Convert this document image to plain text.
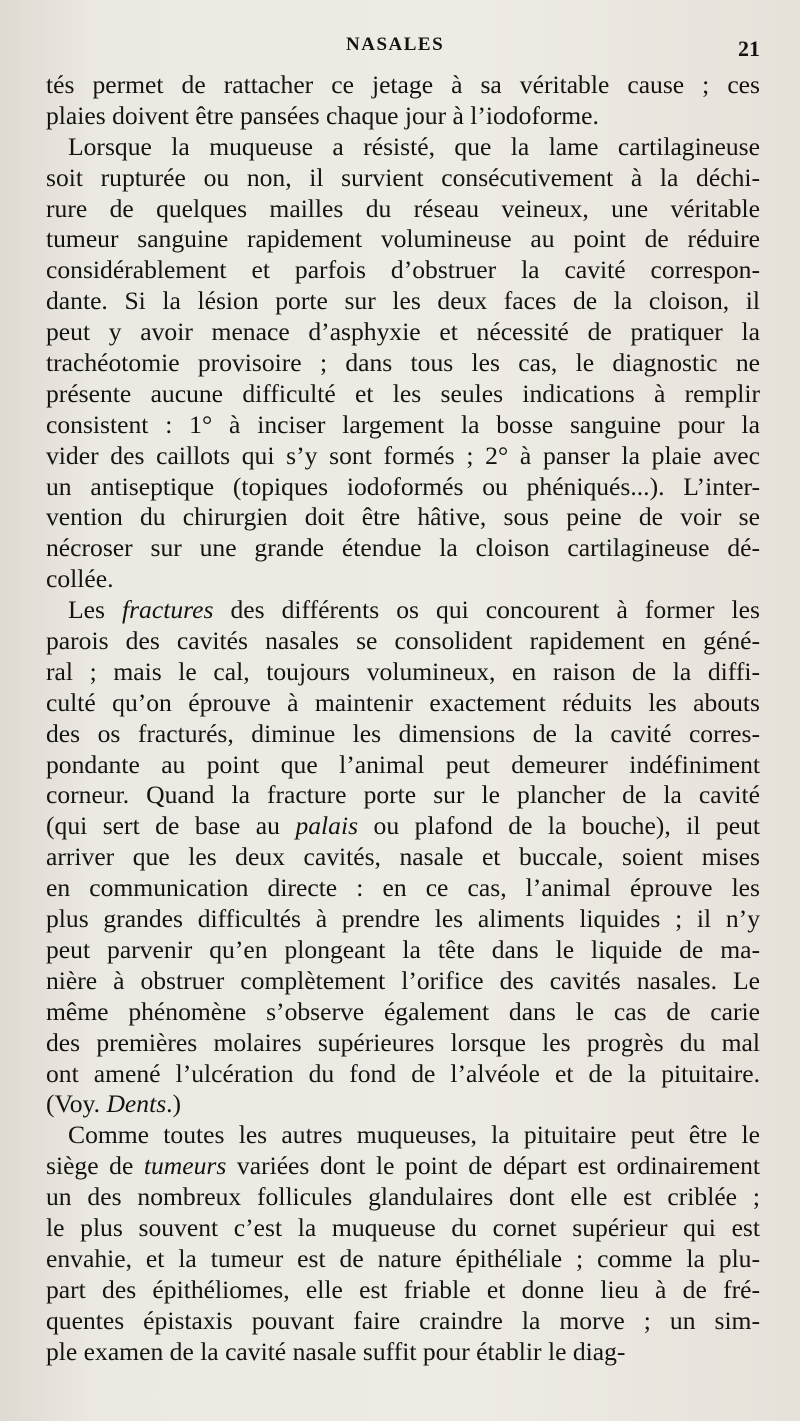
NASALES	21
tés permet de rattacher ce jetage à sa véritable cause ; ces
plaies doivent être pansées chaque jour à l’iodoforme.
Lorsque la muqueuse a résisté, que la lame cartilagineuse
soit rupturée ou non, il survient consécutivement à la déchi-
rure de quelques mailles du réseau veineux, une véritable
tumeur sanguine rapidement volumineuse au point de réduire
considérablement et parfois d’obstruer la cavité correspon-
dante. Si la lésion porte sur les deux faces de la cloison, il
peut y avoir menace d’asphyxie et nécessité de pratiquer la
trachéotomie provisoire ; dans tous les cas, le diagnostic ne
présente aucune difficulté et les seules indications à remplir
consistent : 1° à inciser largement la bosse sanguine pour la
vider des caillots qui s’y sont formés ; 2° à panser la plaie avec
un antiseptique (topiques iodoformés ou phéniqués...). L’inter-
vention du chirurgien doit être hâtive, sous peine de voir se
nécroser sur une grande étendue la cloison cartilagineuse dé-
collée.
Les fractures des différents os qui concourent à former les
parois des cavités nasales se consolident rapidement en géné-
ral ; mais le cal, toujours volumineux, en raison de la diffi-
culté qu’on éprouve à maintenir exactement réduits les abouts
des os fracturés, diminue les dimensions de la cavité corres-
pondante au point que l’animal peut demeurer indéfiniment
corneur. Quand la fracture porte sur le plancher de la cavité
(qui sert de base au palais ou plafond de la bouche), il peut
arriver que les deux cavités, nasale et buccale, soient mises
en communication directe : en ce cas, l’animal éprouve les
plus grandes difficultés à prendre les aliments liquides ; il n’y
peut parvenir qu’en plongeant la tête dans le liquide de ma-
nière à obstruer complètement l’orifice des cavités nasales. Le
même phénomène s’observe également dans le cas de carie
des premières molaires supérieures lorsque les progrès du mal
ont amené l’ulcération du fond de l’alvéole et de la pituitaire.
(Voy. Dents.)
Comme toutes les autres muqueuses, la pituitaire peut être le
siège de tumeurs variées dont le point de départ est ordinairement
un des nombreux follicules glandulaires dont elle est criblée ;
le plus souvent c’est la muqueuse du cornet supérieur qui est
envahie, et la tumeur est de nature épithéliale ; comme la plu-
part des épithéliomes, elle est friable et donne lieu à de fré-
quentes épistaxis pouvant faire craindre la morve ; un sim-
ple examen de la cavité nasale suffit pour établir le diag-
